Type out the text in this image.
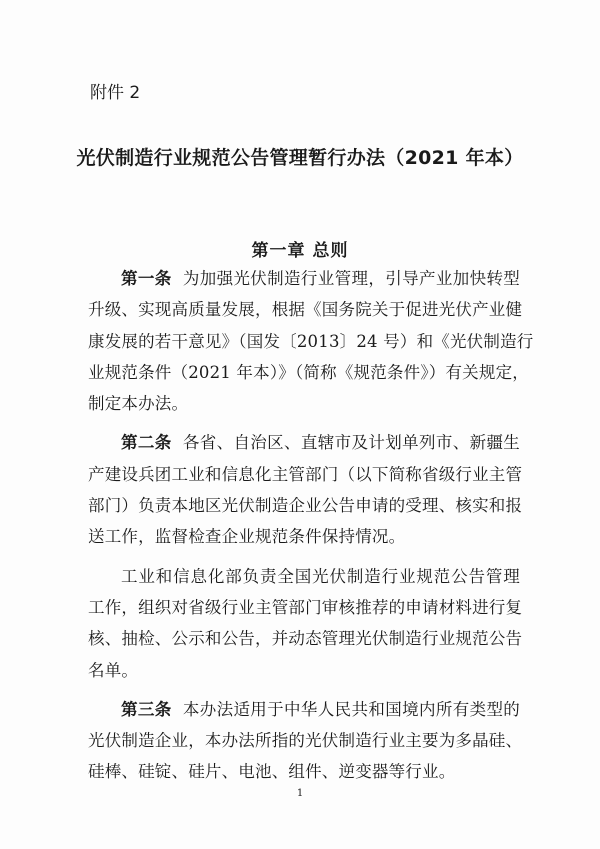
附件 2
光伏制造行业规范公告管理暂行办法（2021 年本）
第一章 总则
第一条 为加强光伏制造行业管理，引导产业加快转型
升级、实现高质量发展，根据《国务院关于促进光伏产业健
康发展的若干意见》（国发〔2013〕24 号）和《光伏制造行
业规范条件（2021 年本）》（简称《规范条件》）有关规定，
制定本办法。
第二条 各省、自治区、直辖市及计划单列市、新疆生
产建设兵团工业和信息化主管部门（以下简称省级行业主管
部门）负责本地区光伏制造企业公告申请的受理、核实和报
送工作，监督检查企业规范条件保持情况。
工业和信息化部负责全国光伏制造行业规范公告管理
工作，组织对省级行业主管部门审核推荐的申请材料进行复
核、抽检、公示和公告，并动态管理光伏制造行业规范公告
名单。
第三条 本办法适用于中华人民共和国境内所有类型的
光伏制造企业，本办法所指的光伏制造行业主要为多晶硅、
硅棒、硅锭、硅片、电池、组件、逆变器等行业。
1
